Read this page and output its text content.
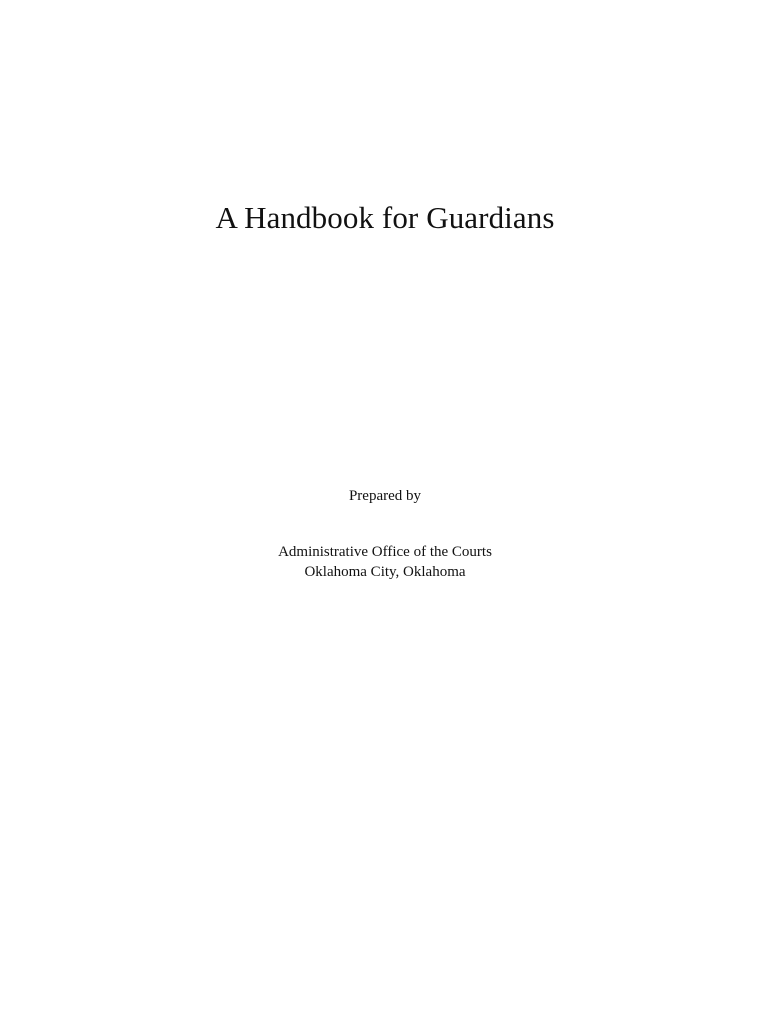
A Handbook for Guardians
Prepared by
Administrative Office of the Courts
Oklahoma City, Oklahoma
